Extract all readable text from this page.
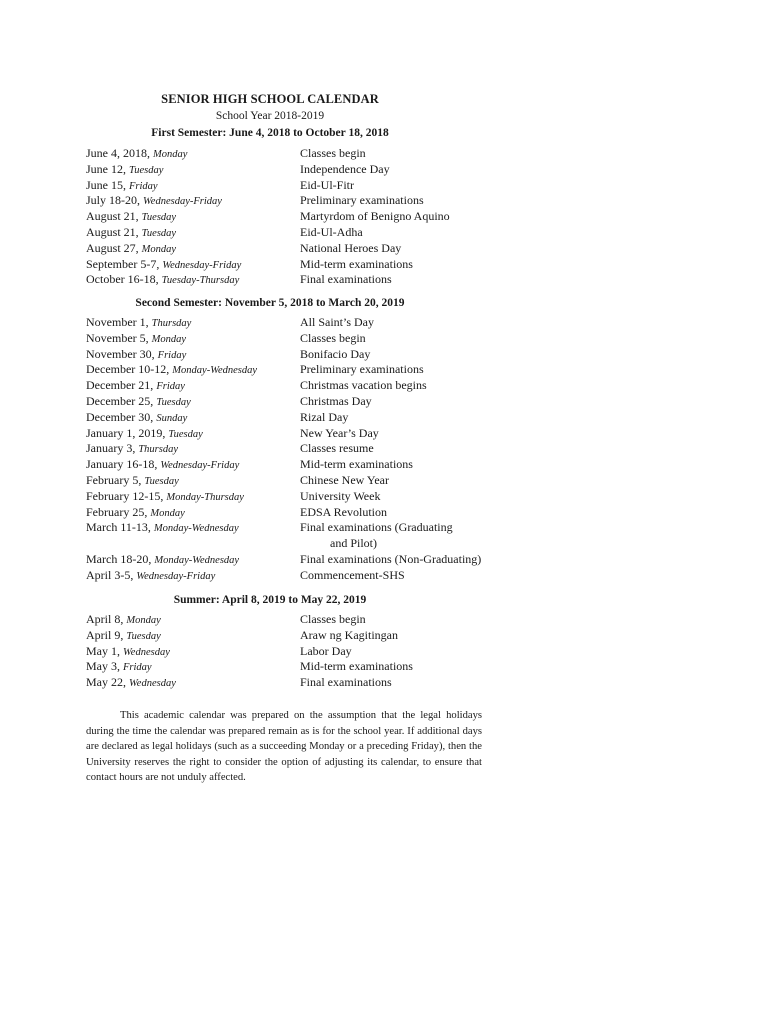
SENIOR HIGH SCHOOL CALENDAR
School Year 2018-2019
First Semester: June 4, 2018 to October 18, 2018
June 4, 2018, Monday	Classes begin
June 12, Tuesday	Independence Day
June 15, Friday	Eid-Ul-Fitr
July 18-20, Wednesday-Friday	Preliminary examinations
August 21, Tuesday	Martyrdom of Benigno Aquino
August 21, Tuesday	Eid-Ul-Adha
August 27, Monday	National Heroes Day
September 5-7, Wednesday-Friday	Mid-term examinations
October 16-18, Tuesday-Thursday	Final examinations
Second Semester: November 5, 2018 to March 20, 2019
November 1, Thursday	All Saint’s Day
November 5, Monday	Classes begin
November 30, Friday	Bonifacio Day
December 10-12, Monday-Wednesday	Preliminary examinations
December 21, Friday	Christmas vacation begins
December 25, Tuesday	Christmas Day
December 30, Sunday	Rizal Day
January 1, 2019, Tuesday	New Year’s Day
January 3, Thursday	Classes resume
January 16-18, Wednesday-Friday	Mid-term examinations
February 5, Tuesday	Chinese New Year
February 12-15, Monday-Thursday	University Week
February 25, Monday	EDSA Revolution
March 11-13, Monday-Wednesday	Final examinations (Graduating
and Pilot)
March 18-20, Monday-Wednesday	Final examinations (Non-Graduating)
April 3-5, Wednesday-Friday	Commencement-SHS
Summer: April 8, 2019 to May 22, 2019
April 8, Monday	Classes begin
April 9, Tuesday	Araw ng Kagitingan
May 1, Wednesday	Labor Day
May 3, Friday	Mid-term examinations
May 22, Wednesday	Final examinations
This academic calendar was prepared on the assumption that the legal holidays during the time the calendar was prepared remain as is for the school year. If additional days are declared as legal holidays (such as a succeeding Monday or a preceding Friday), then the University reserves the right to consider the option of adjusting its calendar, to ensure that contact hours are not unduly affected.
